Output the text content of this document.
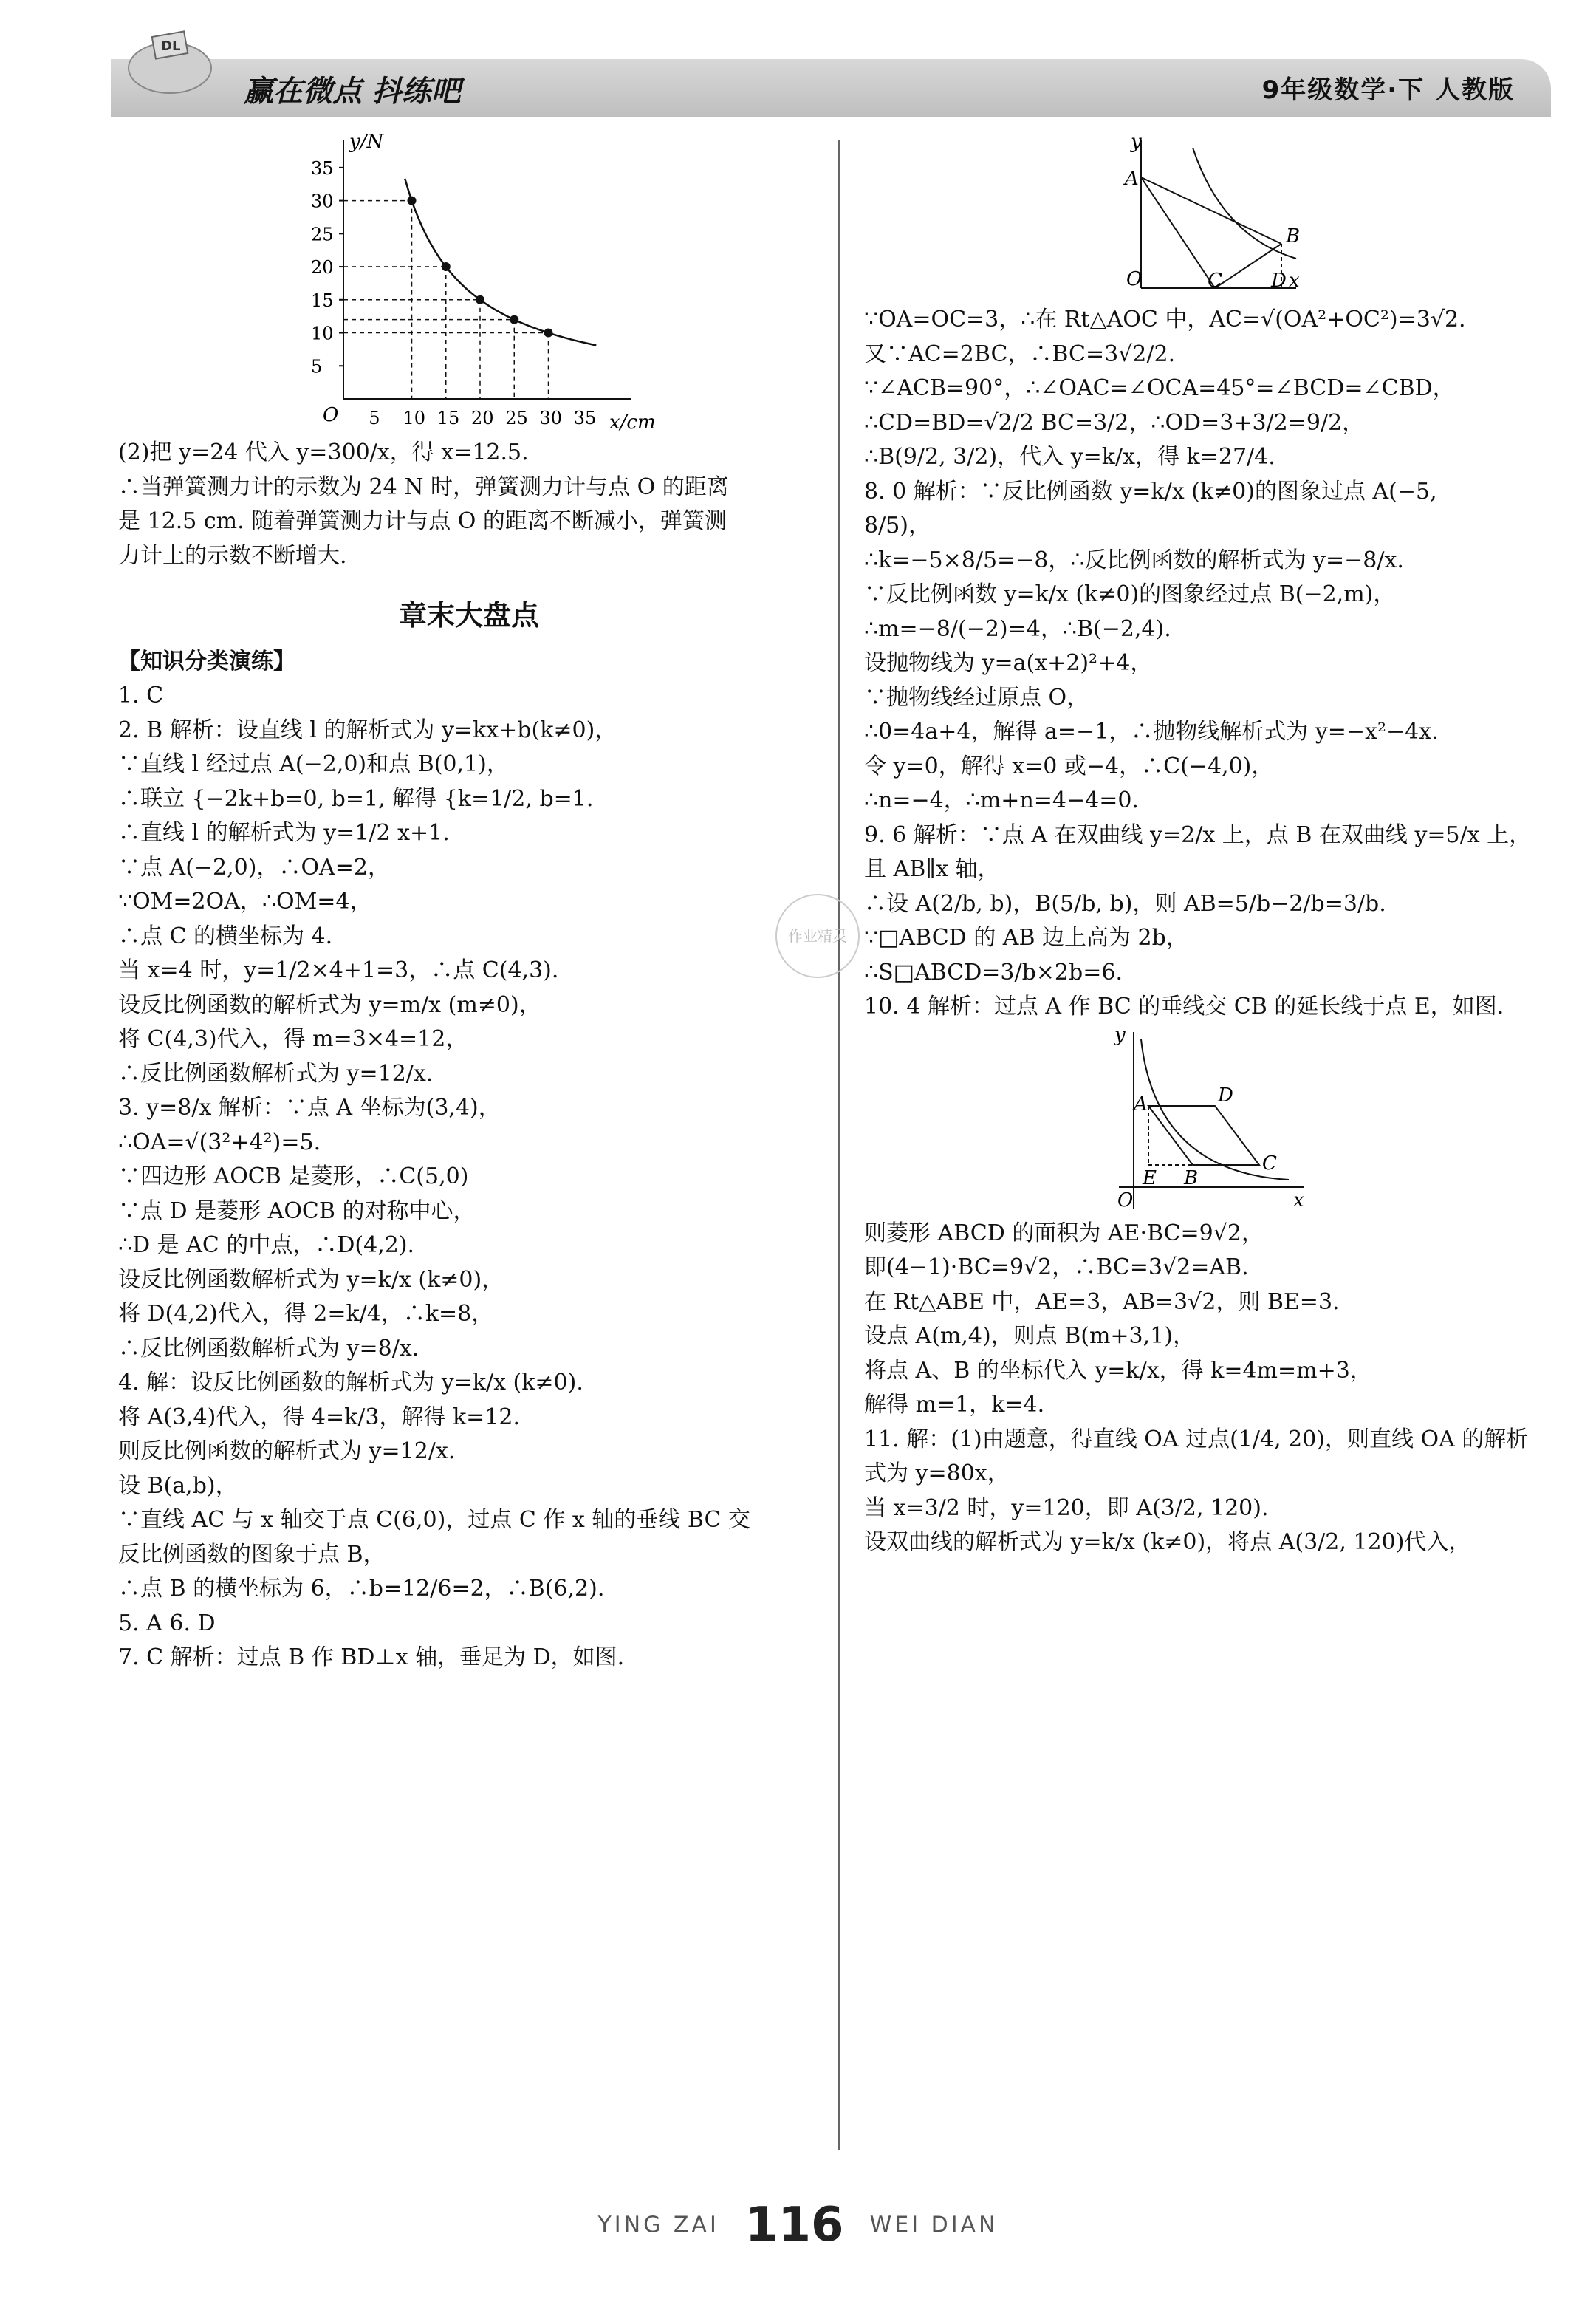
DL
赢在微点 抖练吧	9年级数学·下 人教版
O	x/cm
y/N
5 10 15 20 25 30 35
5
10
15
20
25
30
35
(2)把 y=24 代入 y=300/x，得 x=12.5.
∴当弹簧测力计的示数为 24 N 时，弹簧测力计与点 O 的距离
是 12.5 cm. 随着弹簧测力计与点 O 的距离不断减小，弹簧测
力计上的示数不断增大.
章末大盘点
【知识分类演练】
1. C
2. B 解析：设直线 l 的解析式为 y=kx+b(k≠0)，
∵直线 l 经过点 A(−2,0)和点 B(0,1)，
∴联立 {−2k+b=0, b=1, 解得 {k=1/2, b=1.
∴直线 l 的解析式为 y=1/2 x+1.
∵点 A(−2,0)，∴OA=2，
∵OM=2OA，∴OM=4，
∴点 C 的横坐标为 4.
当 x=4 时，y=1/2×4+1=3，∴点 C(4,3).
设反比例函数的解析式为 y=m/x (m≠0)，
将 C(4,3)代入，得 m=3×4=12，
∴反比例函数解析式为 y=12/x.
3. y=8/x 解析：∵点 A 坐标为(3,4)，
∴OA=√(3²+4²)=5.
∵四边形 AOCB 是菱形，∴C(5,0)
∵点 D 是菱形 AOCB 的对称中心，
∴D 是 AC 的中点，∴D(4,2).
设反比例函数解析式为 y=k/x (k≠0)，
将 D(4,2)代入，得 2=k/4，∴k=8，
∴反比例函数解析式为 y=8/x.
4. 解：设反比例函数的解析式为 y=k/x (k≠0).
将 A(3,4)代入，得 4=k/3，解得 k=12.
则反比例函数的解析式为 y=12/x.
设 B(a,b)，
∵直线 AC 与 x 轴交于点 C(6,0)，过点 C 作 x 轴的垂线 BC 交
反比例函数的图象于点 B，
∴点 B 的横坐标为 6，∴b=12/6=2，∴B(6,2).
5. A 6. D
7. C 解析：过点 B 作 BD⊥x 轴，垂足为 D，如图.
y
A
B
O	C	D x
∵OA=OC=3，∴在 Rt△AOC 中，AC=√(OA²+OC²)=3√2.
又∵AC=2BC，∴BC=3√2/2.
∵∠ACB=90°，∴∠OAC=∠OCA=45°=∠BCD=∠CBD，
∴CD=BD=√2/2 BC=3/2，∴OD=3+3/2=9/2，
∴B(9/2, 3/2)，代入 y=k/x，得 k=27/4.
8. 0 解析：∵反比例函数 y=k/x (k≠0)的图象过点 A(−5,
8/5)，
∴k=−5×8/5=−8，∴反比例函数的解析式为 y=−8/x.
∵反比例函数 y=k/x (k≠0)的图象经过点 B(−2,m)，
∴m=−8/(−2)=4，∴B(−2,4).
设抛物线为 y=a(x+2)²+4，
∵抛物线经过原点 O，
∴0=4a+4，解得 a=−1，∴抛物线解析式为 y=−x²−4x.
令 y=0，解得 x=0 或−4，∴C(−4,0)，
∴n=−4，∴m+n=4−4=0.
9. 6 解析：∵点 A 在双曲线 y=2/x 上，点 B 在双曲线 y=5/x 上，
且 AB∥x 轴，
∴设 A(2/b, b)，B(5/b, b)，则 AB=5/b−2/b=3/b.
∵□ABCD 的 AB 边上高为 2b，
∴S□ABCD=3/b×2b=6.
10. 4 解析：过点 A 作 BC 的垂线交 CB 的延长线于点 E，如图.
y
A	D
E B
C
O	x
则菱形 ABCD 的面积为 AE·BC=9√2，
即(4−1)·BC=9√2，∴BC=3√2=AB.
在 Rt△ABE 中，AE=3，AB=3√2，则 BE=3.
设点 A(m,4)，则点 B(m+3,1)，
将点 A、B 的坐标代入 y=k/x，得 k=4m=m+3，
解得 m=1，k=4.
11. 解：(1)由题意，得直线 OA 过点(1/4, 20)，则直线 OA 的解析
式为 y=80x，
当 x=3/2 时，y=120，即 A(3/2, 120).
设双曲线的解析式为 y=k/x (k≠0)，将点 A(3/2, 120)代入，
作业精灵
YING ZAI 116 WEI DIAN
